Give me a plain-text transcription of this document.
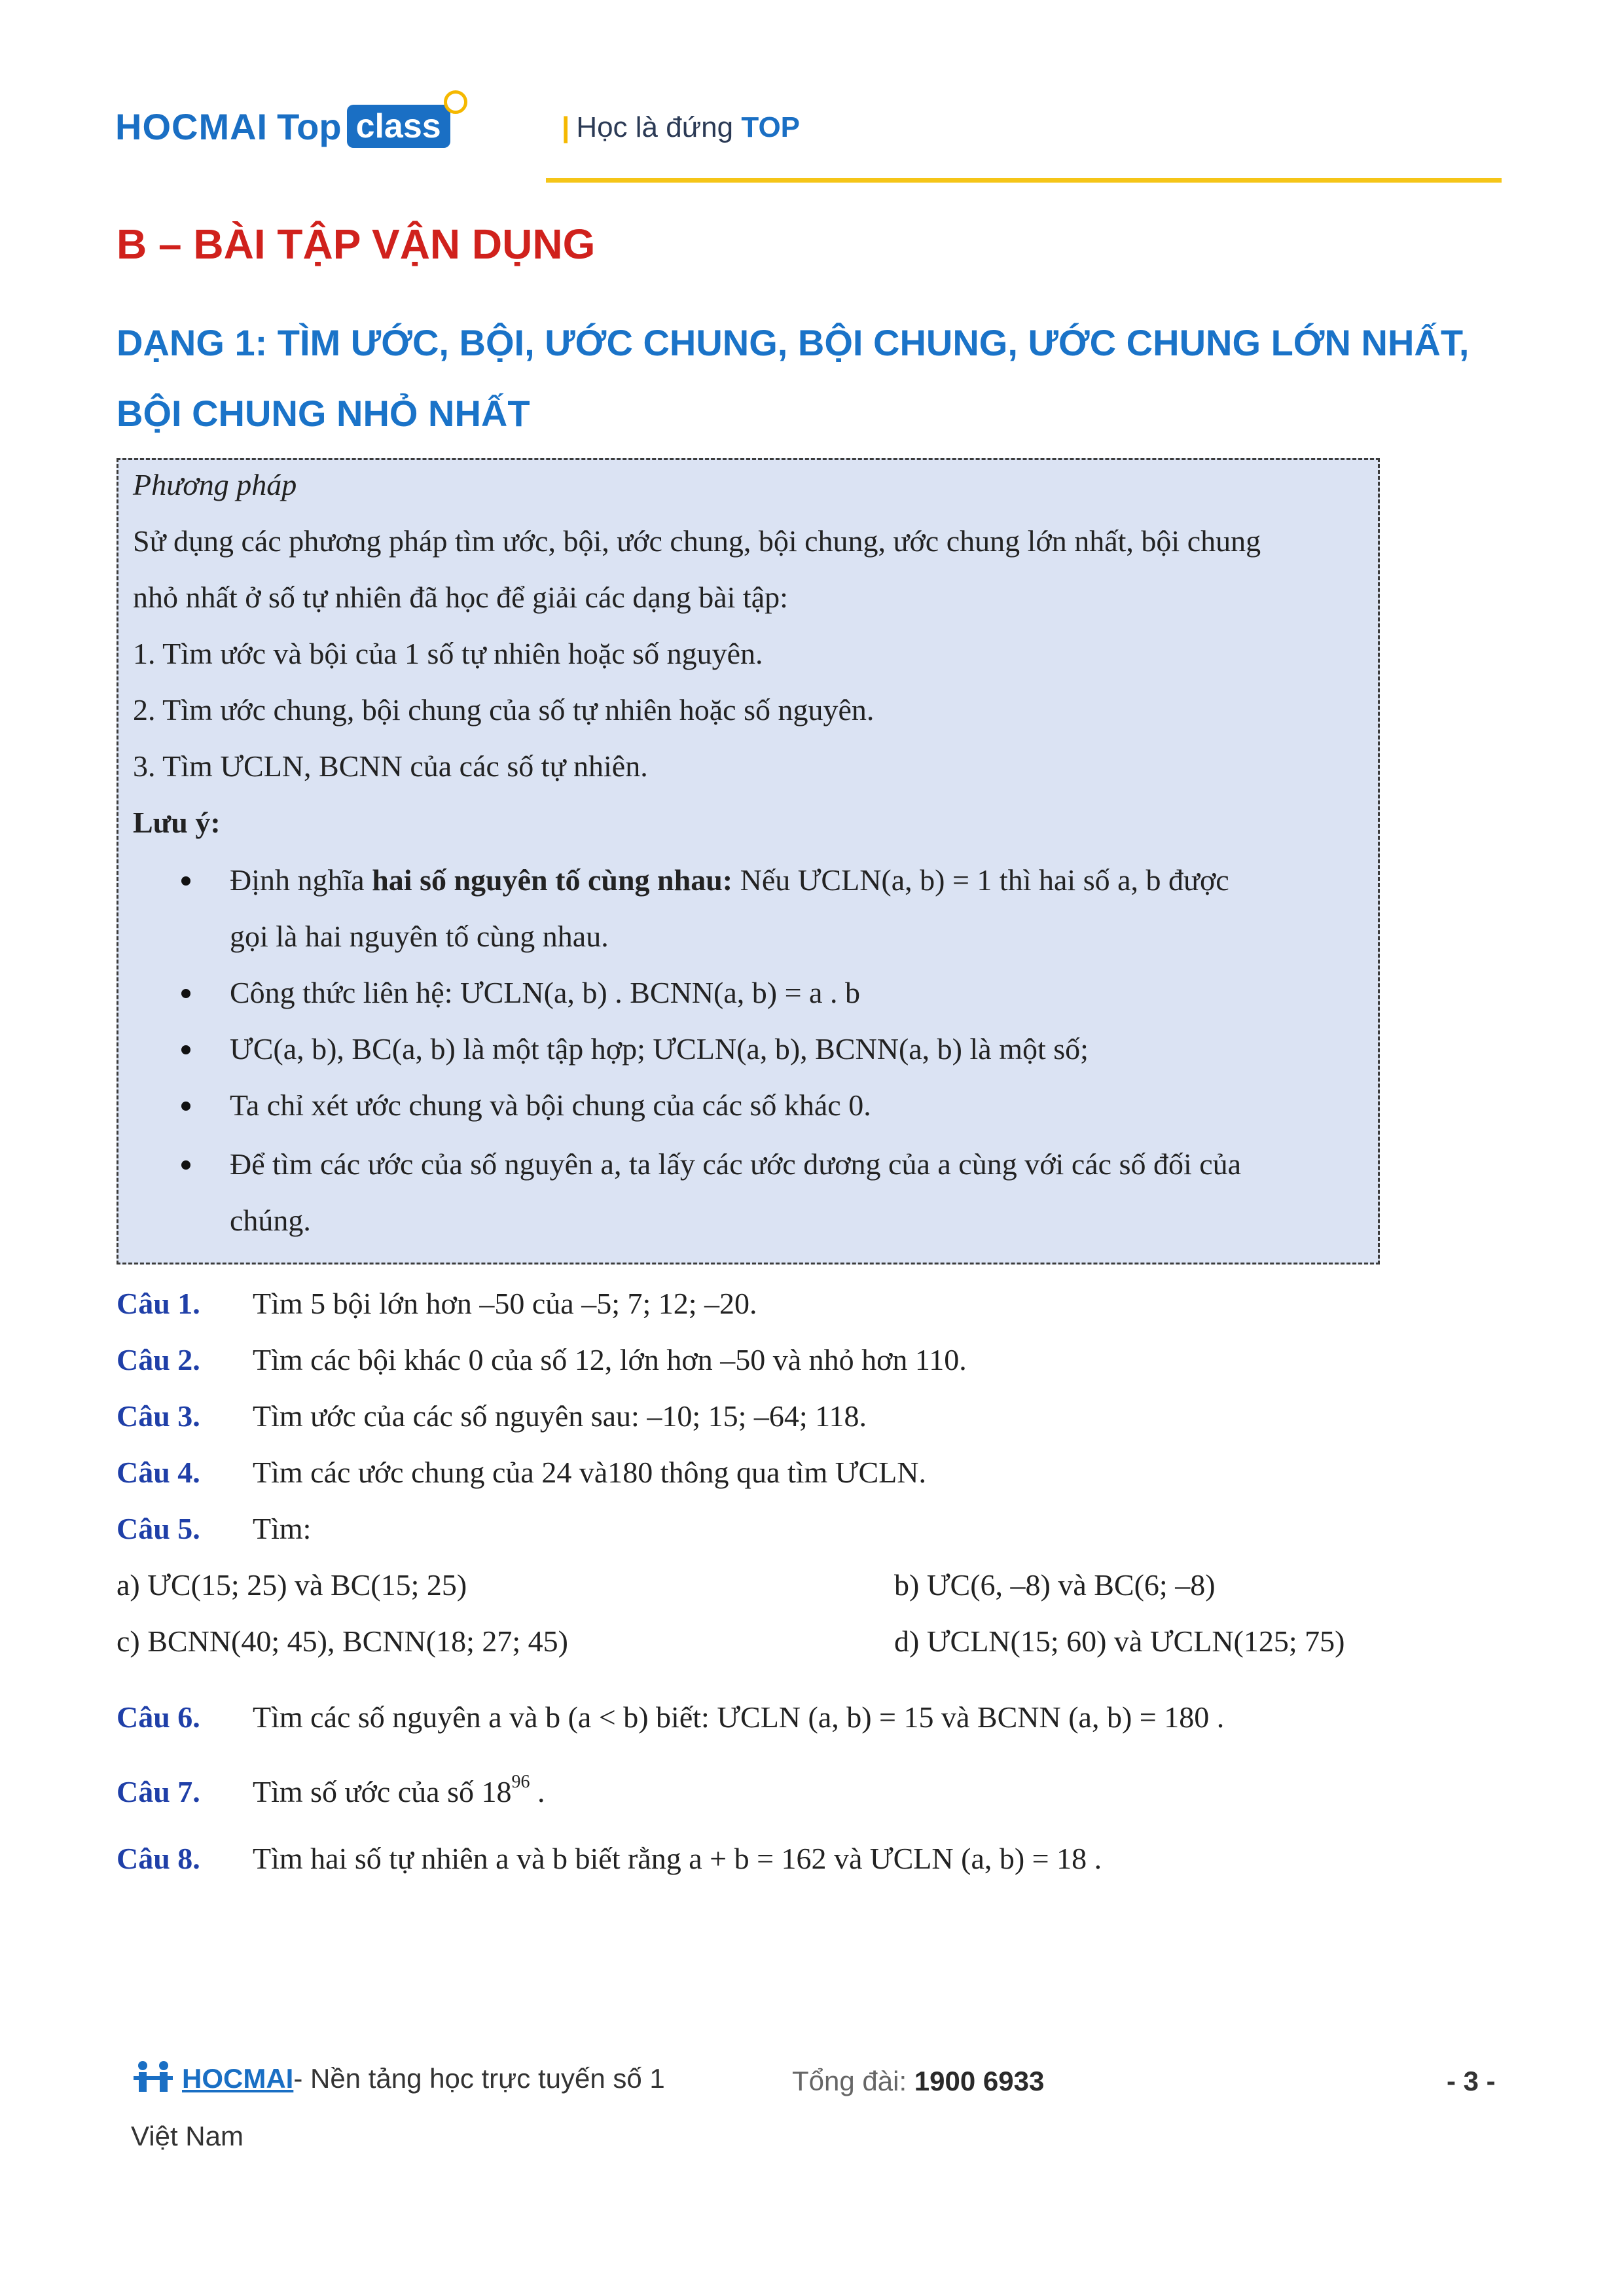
HOCMAI Top class	| Học là đứng TOP
B – BÀI TẬP VẬN DỤNG
DẠNG 1: TÌM ƯỚC, BỘI, ƯỚC CHUNG, BỘI CHUNG, ƯỚC CHUNG LỚN NHẤT, BỘI CHUNG NHỎ NHẤT
Phương pháp
Sử dụng các phương pháp tìm ước, bội, ước chung, bội chung, ước chung lớn nhất, bội chung
nhỏ nhất ở số tự nhiên đã học để giải các dạng bài tập:
1. Tìm ước và bội của 1 số tự nhiên hoặc số nguyên.
2. Tìm ước chung, bội chung của số tự nhiên hoặc số nguyên.
3. Tìm ƯCLN, BCNN của các số tự nhiên.
Lưu ý:
Định nghĩa hai số nguyên tố cùng nhau: Nếu ƯCLN(a, b) = 1 thì hai số a, b được
gọi là hai nguyên tố cùng nhau.
Công thức liên hệ: ƯCLN(a, b) . BCNN(a, b) = a . b
ƯC(a, b), BC(a, b) là một tập hợp; ƯCLN(a, b), BCNN(a, b) là một số;
Ta chỉ xét ước chung và bội chung của các số khác 0.
Để tìm các ước của số nguyên a, ta lấy các ước dương của a cùng với các số đối của
chúng.
Câu 1. Tìm 5 bội lớn hơn –50 của –5; 7; 12; –20.
Câu 2. Tìm các bội khác 0 của số 12, lớn hơn –50 và nhỏ hơn 110.
Câu 3. Tìm ước của các số nguyên sau: –10; 15; –64; 118.
Câu 4. Tìm các ước chung của 24 và180 thông qua tìm ƯCLN.
Câu 5. Tìm:
a) ƯC(15; 25) và BC(15; 25)	b) ƯC(6, –8) và BC(6; –8)
c) BCNN(40; 45), BCNN(18; 27; 45)	d) ƯCLN(15; 60) và ƯCLN(125; 75)
Câu 6. Tìm các số nguyên a và b (a < b) biết: ƯCLN (a, b) = 15 và BCNN (a, b) = 180 .
Câu 7. Tìm số ước của số $18^{96}$ .
Câu 8. Tìm hai số tự nhiên a và b biết rằng a + b = 162 và ƯCLN (a, b) = 18 .
HOCMAI - Nền tảng học trực tuyến số 1
Việt Nam
Tổng đài: 1900 6933	- 3 -
